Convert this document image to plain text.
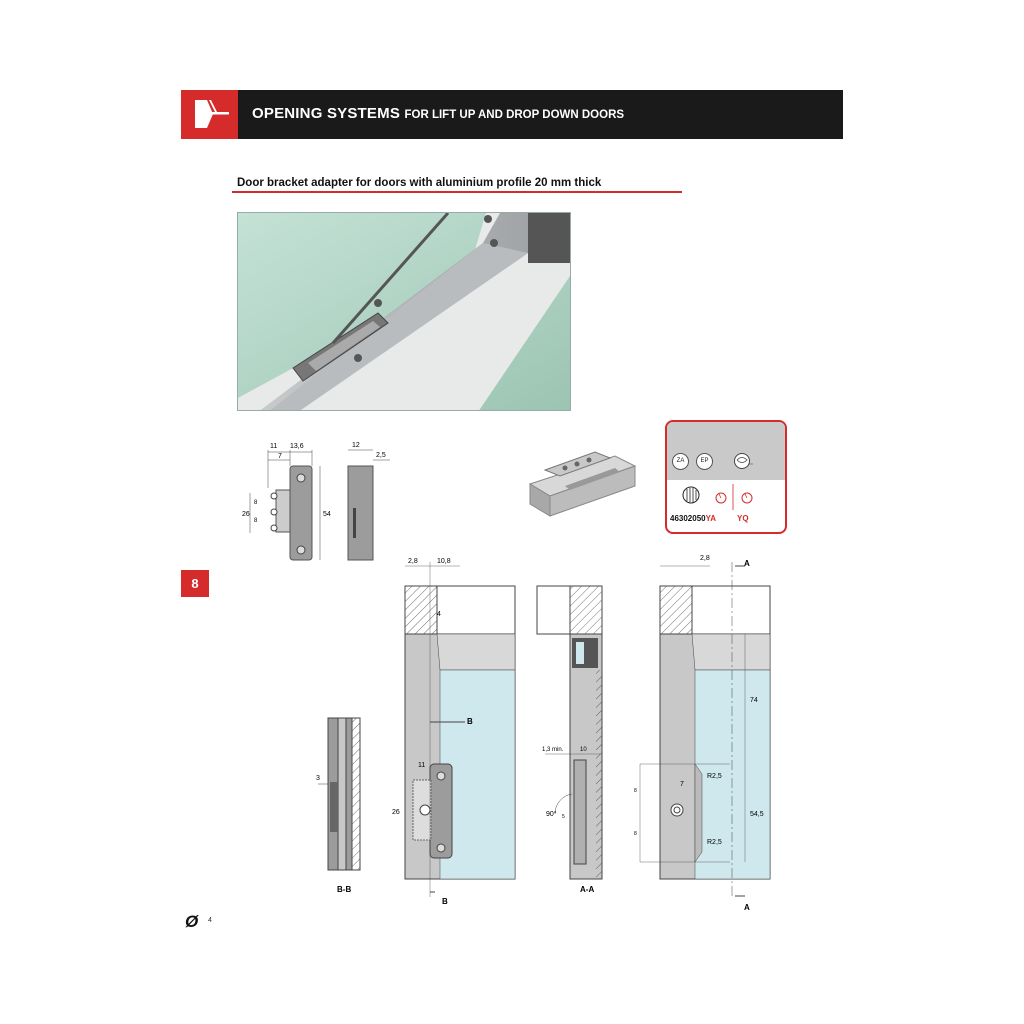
OPENING SYSTEMS FOR LIFT UP AND DROP DOWN DOORS
Door bracket adapter for doors with aluminium profile 20 mm thick
11 13,6
7
26
8
8
54
12
2,5
ZA	EP
46302050YA	YQ
8
3
B-B
2,8	10,8
4
11
26
B
B
1,3 min.	10
90° 5
A-A
2,8
7
R2,5
R2,5
74
54,5
8
8
A
A
Ø 4
